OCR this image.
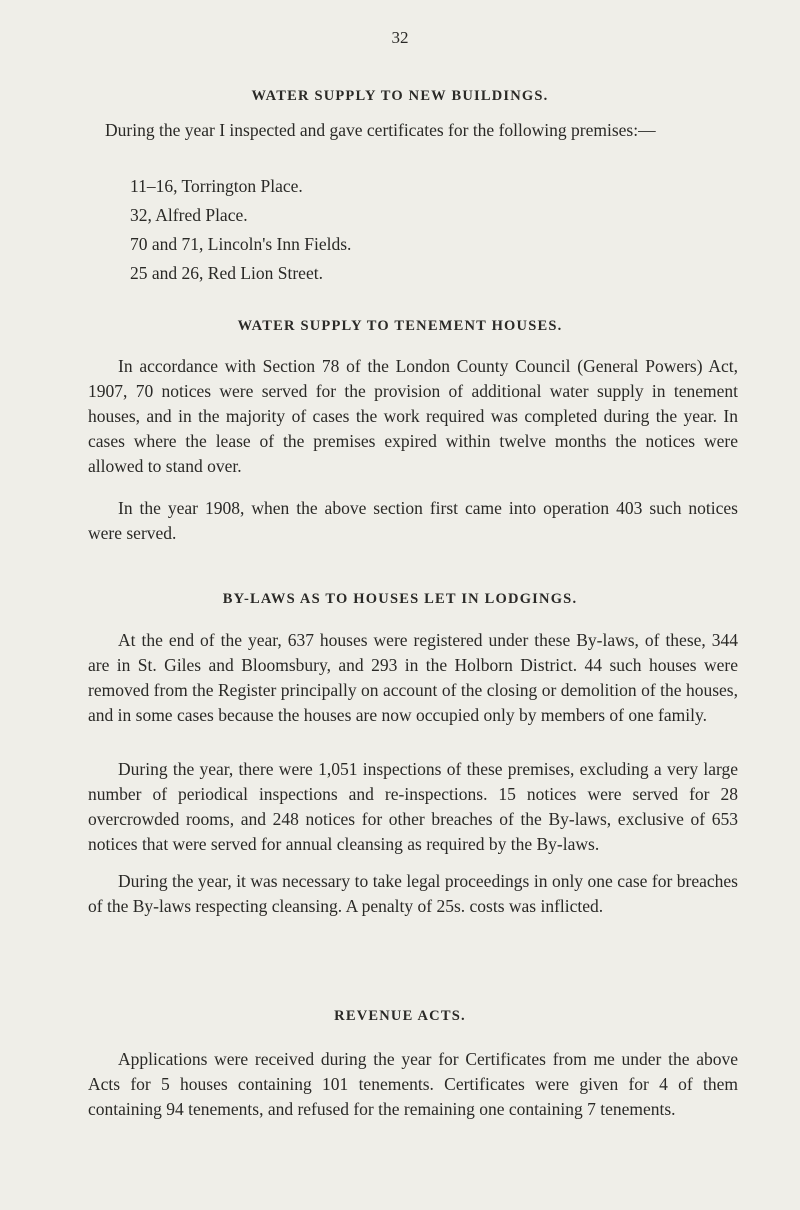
32
WATER SUPPLY TO NEW BUILDINGS.
During the year I inspected and gave certificates for the following premises:—
11–16, Torrington Place.
32, Alfred Place.
70 and 71, Lincoln's Inn Fields.
25 and 26, Red Lion Street.
WATER SUPPLY TO TENEMENT HOUSES.
In accordance with Section 78 of the London County Council (General Powers) Act, 1907, 70 notices were served for the provision of additional water supply in tenement houses, and in the majority of cases the work required was completed during the year. In cases where the lease of the premises expired within twelve months the notices were allowed to stand over.
In the year 1908, when the above section first came into operation 403 such notices were served.
BY-LAWS AS TO HOUSES LET IN LODGINGS.
At the end of the year, 637 houses were registered under these By-laws, of these, 344 are in St. Giles and Bloomsbury, and 293 in the Holborn District. 44 such houses were removed from the Register principally on account of the closing or demolition of the houses, and in some cases because the houses are now occupied only by members of one family.
During the year, there were 1,051 inspections of these premises, excluding a very large number of periodical inspections and re-inspections. 15 notices were served for 28 overcrowded rooms, and 248 notices for other breaches of the By-laws, exclusive of 653 notices that were served for annual cleansing as required by the By-laws.
During the year, it was necessary to take legal proceedings in only one case for breaches of the By-laws respecting cleansing. A penalty of 25s. costs was inflicted.
REVENUE ACTS.
Applications were received during the year for Certificates from me under the above Acts for 5 houses containing 101 tenements. Certificates were given for 4 of them containing 94 tenements, and refused for the remaining one containing 7 tenements.
